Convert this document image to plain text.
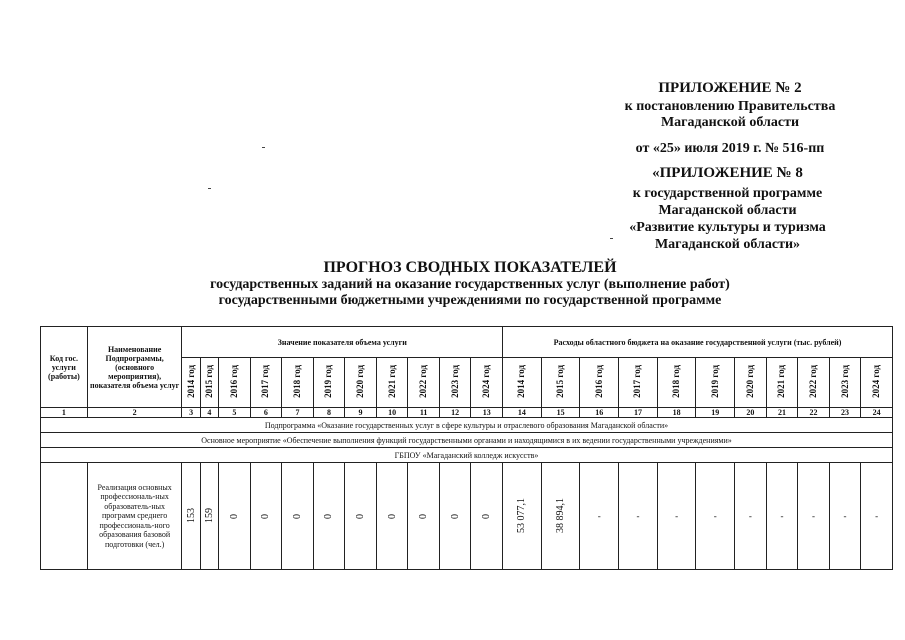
ПРИЛОЖЕНИЕ № 2
к постановлению Правительства
Магаданской области
от «25» июля 2019 г. № 516-пп
«ПРИЛОЖЕНИЕ № 8
к государственной программе
Магаданской области
«Развитие культуры и туризма
Магаданской области»
ПРОГНОЗ СВОДНЫХ ПОКАЗАТЕЛЕЙ
государственных заданий на оказание государственных услуг (выполнение работ)
государственными бюджетными учреждениями по государственной программе
Код гос. услуги (работы)	Наименование Подпрограммы, (основного мероприятия), показателя объема услуг	Значение показателя объема услуги											Расходы областного бюджета на оказание государственной услуги (тыс. рублей)										
		2014 год	2015 год	2016 год	2017 год	2018 год	2019 год	2020 год	2021 год	2022 год	2023 год	2024 год	2014 год	2015 год	2016 год	2017 год	2018 год	2019 год	2020 год	2021 год	2022 год	2023 год	2024 год
1	2	3	4	5	6	7	8	9	10	11	12	13	14	15	16	17	18	19	20	21	22	23	24
Подпрограмма «Оказание государственных услуг в сфере культуры и отраслевого образования Магаданской области»																							
Основное мероприятие «Обеспечение выполнения функций государственными органами и находящимися в их ведении государственными учреждениями»																							
ГБПОУ «Магаданский колледж искусств»																							
	Реализация основных профессиональ-ных образователь-ных программ среднего профессиональ-ного образования базовой подготовки (чел.)	153	159	0	0	0	0	0	0	0	0	0	53 077,1	38 894,1	-	-	-	-	-	-	-	-	-
